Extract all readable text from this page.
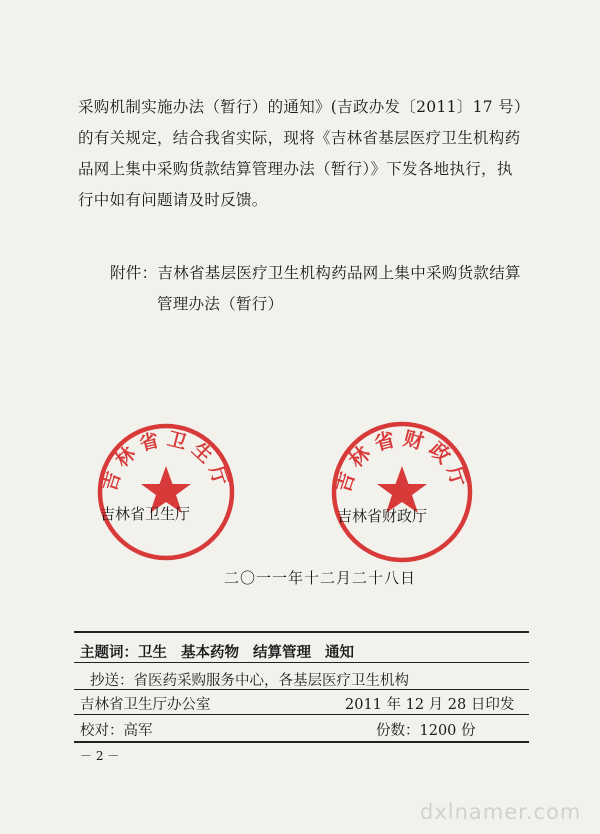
采购机制实施办法（暂行）的通知》(吉政办发〔2011〕17 号）

的有关规定，结合我省实际，现将《吉林省基层医疗卫生机构药

品网上集中采购货款结算管理办法（暂行）》下发各地执行，执

行中如有问题请及时反馈。

附件：吉林省基层医疗卫生机构药品网上集中采购货款结算
管理办法（暂行）
吉林省卫生厅
吉林省卫生厅
吉林省财政厅
吉林省财政厅
二〇一一年十二月二十八日
主题词：卫生 基本药物 结算管理 通知
抄送：省医药采购服务中心，各基层医疗卫生机构
吉林省卫生厅办公室	2011 年 12 月 28 日印发
校对：高军	份数：1200 份
－ 2 －
dxlnamer.com
